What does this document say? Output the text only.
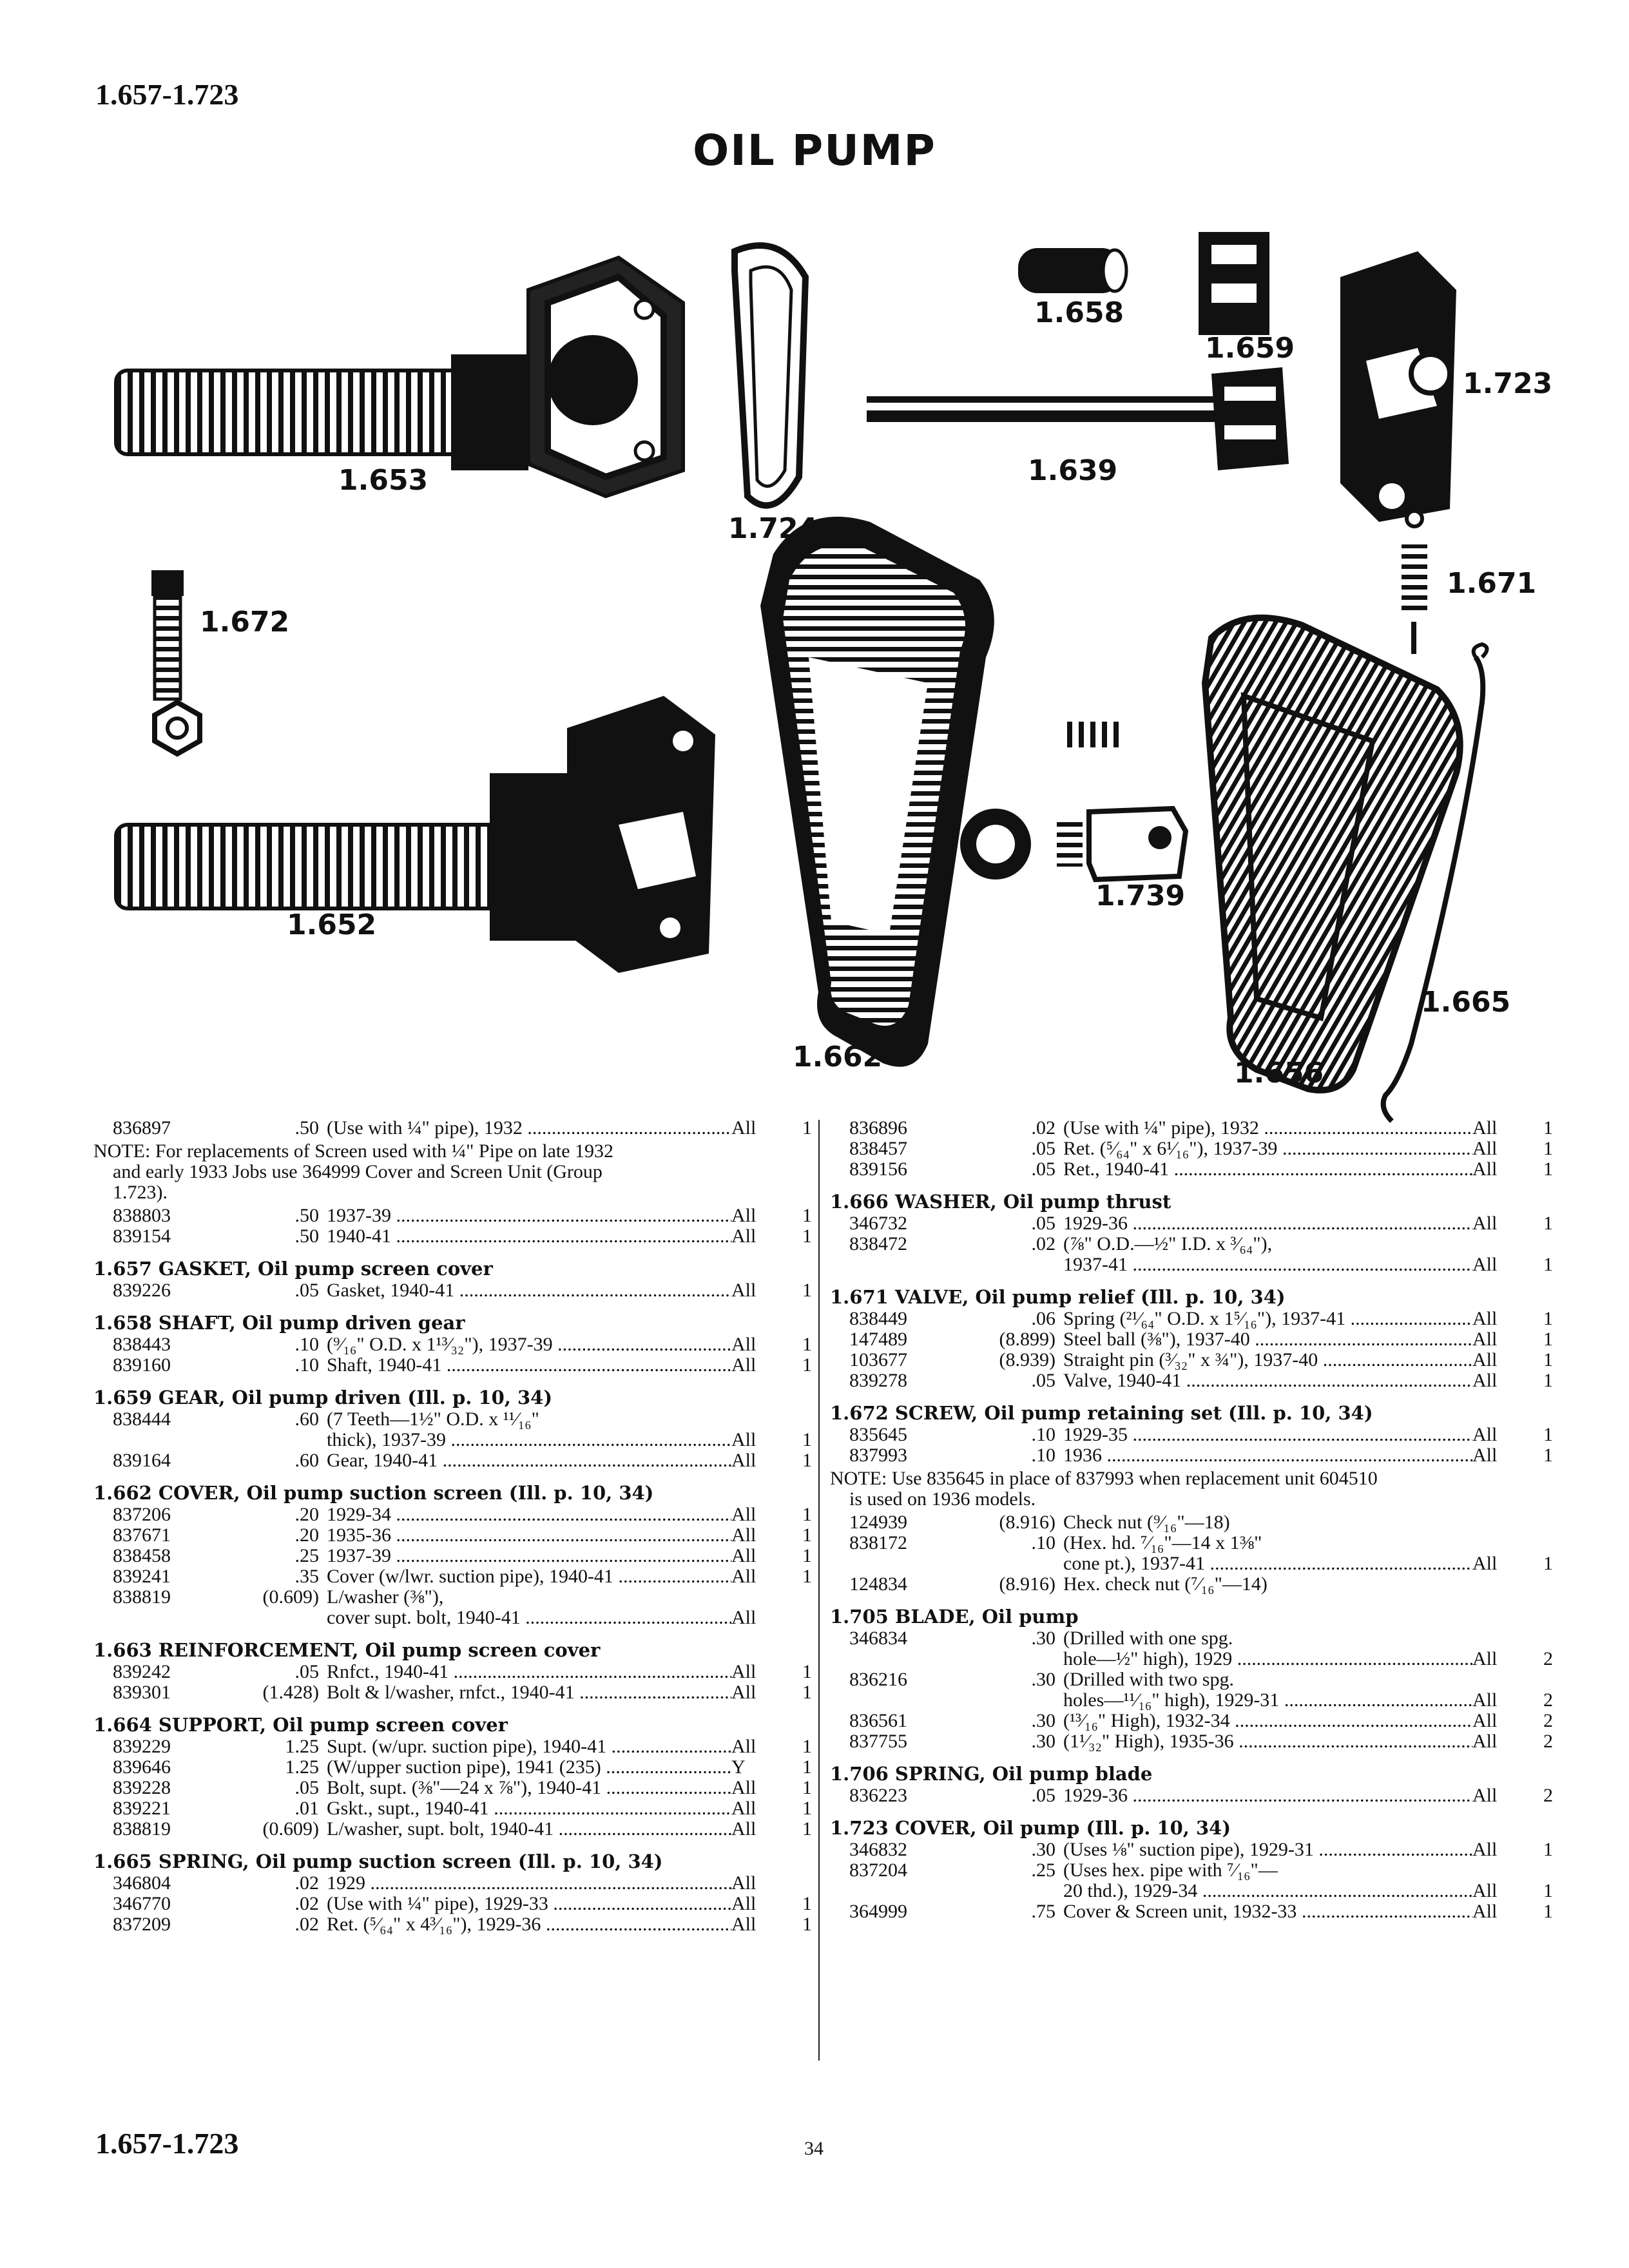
1.657-1.723
OIL PUMP
1.653
1.724
1.658
1.659
1.723
1.639
1.671
1.672
1.652
1.662
1.739
1.656
1.665
836897	.50 (Use with ¼" pipe), 1932 .....	All	1
NOTE: For replacements of Screen used with ¼" Pipe on late 1932
and early 1933 Jobs use 364999 Cover and Screen Unit (Group
1.723).
838803	.50 1937-39 .....	All	1
839154	.50 1940-41 .....	All	1
1.657 GASKET, Oil pump screen cover
839226	.05 Gasket, 1940-41 .....	All	1
1.658 SHAFT, Oil pump driven gear
838443	.10 (⁹⁄₁₆" O.D. x 1¹³⁄₃₂"), 1937-39 .....	All	1
839160	.10 Shaft, 1940-41 .....	All	1
1.659 GEAR, Oil pump driven (Ill. p. 10, 34)
838444	.60 (7 Teeth—1½" O.D. x ¹¹⁄₁₆"
thick), 1937-39 .....	All	1
839164	.60 Gear, 1940-41 .....	All	1
1.662 COVER, Oil pump suction screen (Ill. p. 10, 34)
837206	.20 1929-34 .....	All	1
837671	.20 1935-36 .....	All	1
838458	.25 1937-39 .....	All	1
839241	.35 Cover (w/lwr. suction pipe), 1940-41 .....	All	1
838819	(0.609) L/washer (⅜"),
cover supt. bolt, 1940-41 .....	All
1.663 REINFORCEMENT, Oil pump screen cover
839242	.05 Rnfct., 1940-41 .....	All	1
839301	(1.428) Bolt & l/washer, rnfct., 1940-41 .....	All	1
1.664 SUPPORT, Oil pump screen cover
839229	1.25 Supt. (w/upr. suction pipe), 1940-41 .....	All	1
839646	1.25 (W/upper suction pipe), 1941 (235) .....	Y	1
839228	.05 Bolt, supt. (⅜"—24 x ⅞"), 1940-41 .....	All	1
839221	.01 Gskt., supt., 1940-41 .....	All	1
838819	(0.609) L/washer, supt. bolt, 1940-41 .....	All	1
1.665 SPRING, Oil pump suction screen (Ill. p. 10, 34)
346804	.02 1929 .....	All
346770	.02 (Use with ¼" pipe), 1929-33 .....	All	1
837209	.02 Ret. (⁵⁄₆₄" x 4³⁄₁₆"), 1929-36 .....	All	1
836896	.02 (Use with ¼" pipe), 1932 .....	All	1
838457	.05 Ret. (⁵⁄₆₄" x 6¹⁄₁₆"), 1937-39 .....	All	1
839156	.05 Ret., 1940-41 .....	All	1
1.666 WASHER, Oil pump thrust
346732	.05 1929-36 .....	All	1
838472	.02 (⅞" O.D.—½" I.D. x ³⁄₆₄"),
1937-41 .....	All	1
1.671 VALVE, Oil pump relief (Ill. p. 10, 34)
838449	.06 Spring (²¹⁄₆₄" O.D. x 1⁵⁄₁₆"), 1937-41 .....	All	1
147489	(8.899) Steel ball (⅜"), 1937-40 .....	All	1
103677	(8.939) Straight pin (³⁄₃₂" x ¾"), 1937-40 .....	All	1
839278	.05 Valve, 1940-41 .....	All	1
1.672 SCREW, Oil pump retaining set (Ill. p. 10, 34)
835645	.10 1929-35 .....	All	1
837993	.10 1936 .....	All	1
NOTE: Use 835645 in place of 837993 when replacement unit 604510
is used on 1936 models.
124939	(8.916) Check nut (⁹⁄₁₆"—18)
838172	.10 (Hex. hd. ⁷⁄₁₆"—14 x 1⅜"
cone pt.), 1937-41 .....	All	1
124834	(8.916) Hex. check nut (⁷⁄₁₆"—14)
1.705 BLADE, Oil pump
346834	.30 (Drilled with one spg.
hole—½" high), 1929 .....	All	2
836216	.30 (Drilled with two spg.
holes—¹¹⁄₁₆" high), 1929-31 .....	All	2
836561	.30 (¹³⁄₁₆" High), 1932-34 .....	All	2
837755	.30 (1¹⁄₃₂" High), 1935-36 .....	All	2
1.706 SPRING, Oil pump blade
836223	.05 1929-36 .....	All	2
1.723 COVER, Oil pump (Ill. p. 10, 34)
346832	.30 (Uses ⅛" suction pipe), 1929-31 .....	All	1
837204	.25 (Uses hex. pipe with ⁷⁄₁₆"—
20 thd.), 1929-34 .....	All	1
364999	.75 Cover & Screen unit, 1932-33 .....	All	1
1.657-1.723	34
